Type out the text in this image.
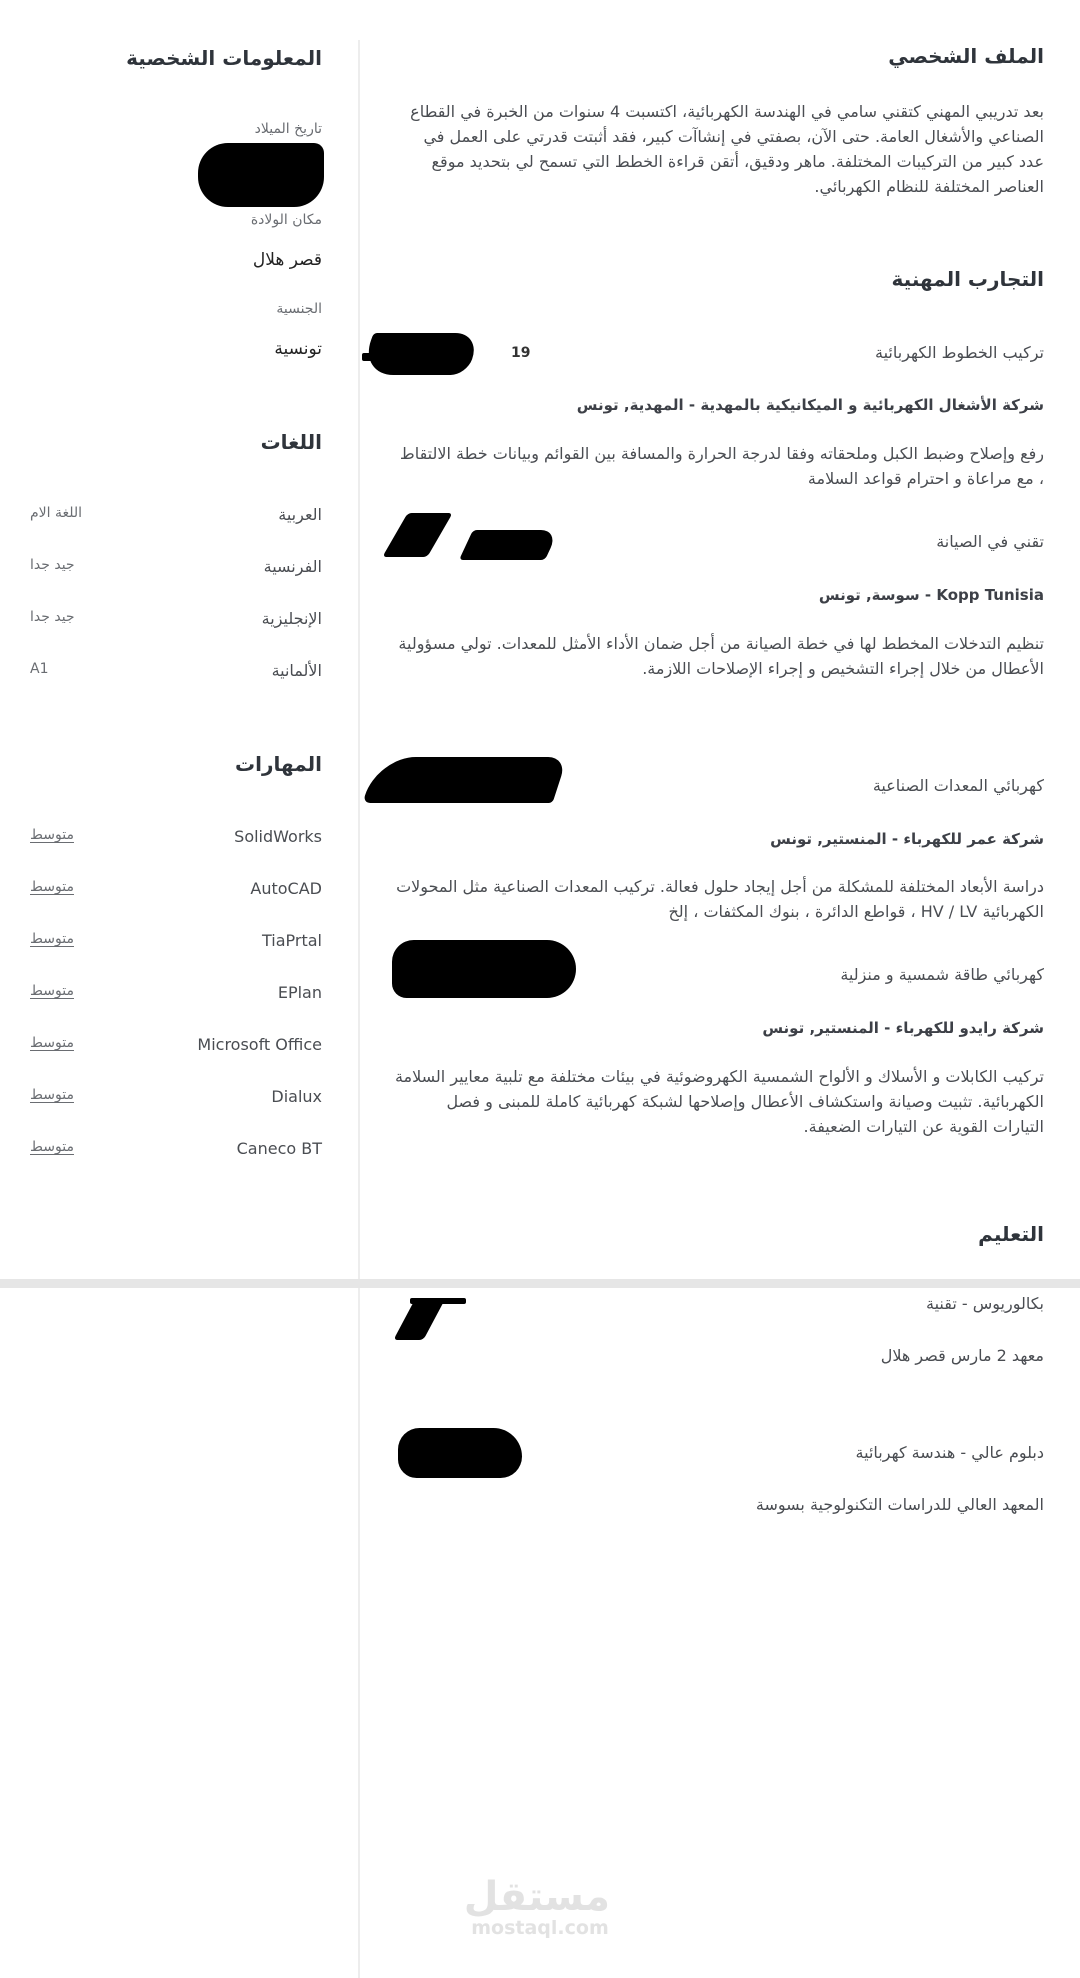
الملف الشخصي

بعد تدريبي المهني كتقني سامي في الهندسة الكهربائية، اكتسبت 4 سنوات من الخبرة في القطاع الصناعي والأشغال العامة. حتى الآن، بصفتي في إنشاآت كبير، فقد أثبتت قدرتي على العمل في عدد كبير من التركيبات المختلفة. ماهر ودقيق، أتقن قراءة الخطط التي تسمح لي بتحديد موقع العناصر المختلفة للنظام الكهربائي.

التجارب المهنية
تركيب الخطوط الكهربائية
19
شركة الأشغال الكهربائية و الميكانيكية بالمهدية - المهدية, تونس

رفع وإصلاح وضبط الكبل وملحقاته وفقا لدرجة الحرارة والمسافة بين القوائم وبيانات خطة الالتقاط ، مع مراعاة و احترام قواعد السلامة

تقني في الصيانة
Kopp Tunisia - سوسة, تونس

تنظيم التدخلات المخطط لها في خطة الصيانة من أجل ضمان الأداء الأمثل للمعدات. تولي مسؤولية الأعطال من خلال إجراء التشخيص و إجراء الإصلاحات اللازمة.

كهربائي المعدات الصناعية
شركة عمر للكهرباء - المنستير, تونس

دراسة الأبعاد المختلفة للمشكلة من أجل إيجاد حلول فعالة. تركيب المعدات الصناعية مثل المحولات الكهربائية HV / LV ، قواطع الدائرة ، بنوك المكثفات ، إلخ

كهربائي طاقة شمسية و منزلية
شركة رايدو للكهرباء - المنستير, تونس

تركيب الكابلات و الأسلاك و الألواح الشمسية الكهروضوئية في بيئات مختلفة مع تلبية معايير السلامة الكهربائية. تثبيت وصيانة واستكشاف الأعطال وإصلاحها لشبكة كهربائية كاملة للمبنى و فصل التيارات القوية عن التيارات الضعيفة.

التعليم
بكالوريوس - تقنية
معهد 2 مارس قصر هلال
دبلوم عالي - هندسة كهربائية
المعهد العالي للدراسات التكنولوجية بسوسة
المعلومات الشخصية
تاريخ الميلاد
مكان الولادة
قصر هلال
الجنسية
تونسية
اللغات
العربية
اللغة الام
الفرنسية
جيد جدا
الإنجليزية
جيد جدا
الألمانية
A1
المهارات
SolidWorks
متوسط
AutoCAD
متوسط
TiaPrtal
متوسط
EPlan
متوسط
Microsoft Office
متوسط
Dialux
متوسط
Caneco BT
متوسط
مستقل
mostaql.com
